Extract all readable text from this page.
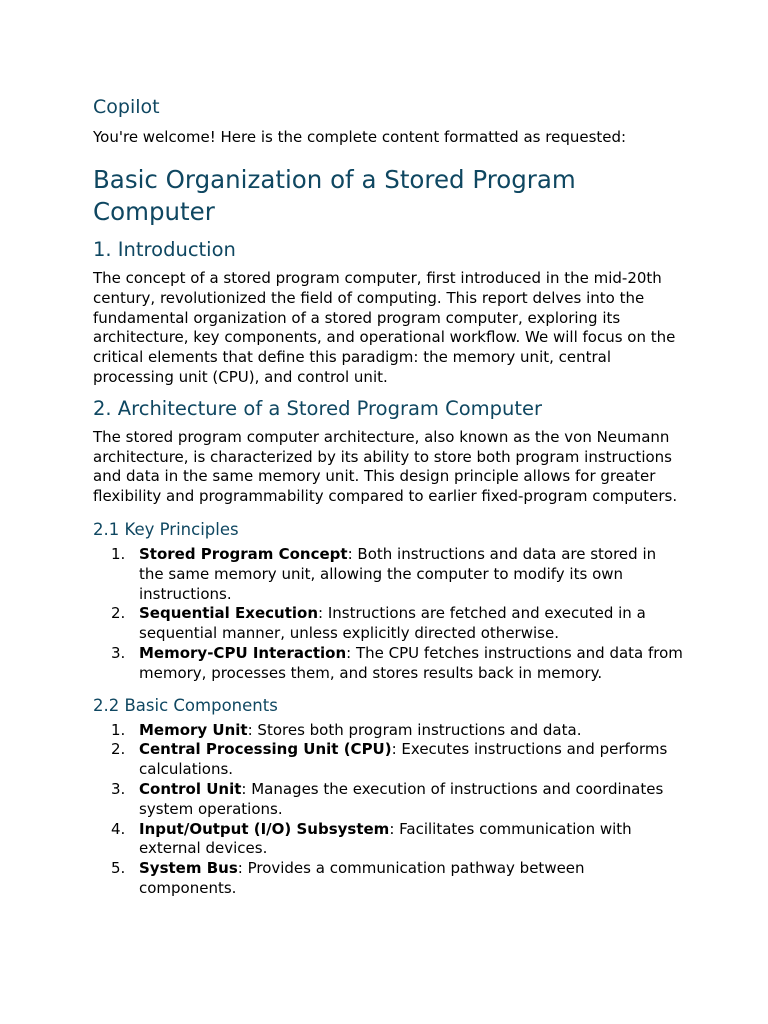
Copilot

You're welcome! Here is the complete content formatted as requested:

Basic Organization of a Stored Program Computer
1. Introduction

The concept of a stored program computer, first introduced in the mid-20th century, revolutionized the field of computing. This report delves into the fundamental organization of a stored program computer, exploring its architecture, key components, and operational workflow. We will focus on the critical elements that define this paradigm: the memory unit, central processing unit (CPU), and control unit.

2. Architecture of a Stored Program Computer

The stored program computer architecture, also known as the von Neumann architecture, is characterized by its ability to store both program instructions and data in the same memory unit. This design principle allows for greater flexibility and programmability compared to earlier fixed-program computers.

2.1 Key Principles
1. Stored Program Concept: Both instructions and data are stored in the same memory unit, allowing the computer to modify its own instructions.
2. Sequential Execution: Instructions are fetched and executed in a sequential manner, unless explicitly directed otherwise.
3. Memory-CPU Interaction: The CPU fetches instructions and data from memory, processes them, and stores results back in memory.
2.2 Basic Components
1. Memory Unit: Stores both program instructions and data.
2. Central Processing Unit (CPU): Executes instructions and performs calculations.
3. Control Unit: Manages the execution of instructions and coordinates system operations.
4. Input/Output (I/O) Subsystem: Facilitates communication with external devices.
5. System Bus: Provides a communication pathway between components.
